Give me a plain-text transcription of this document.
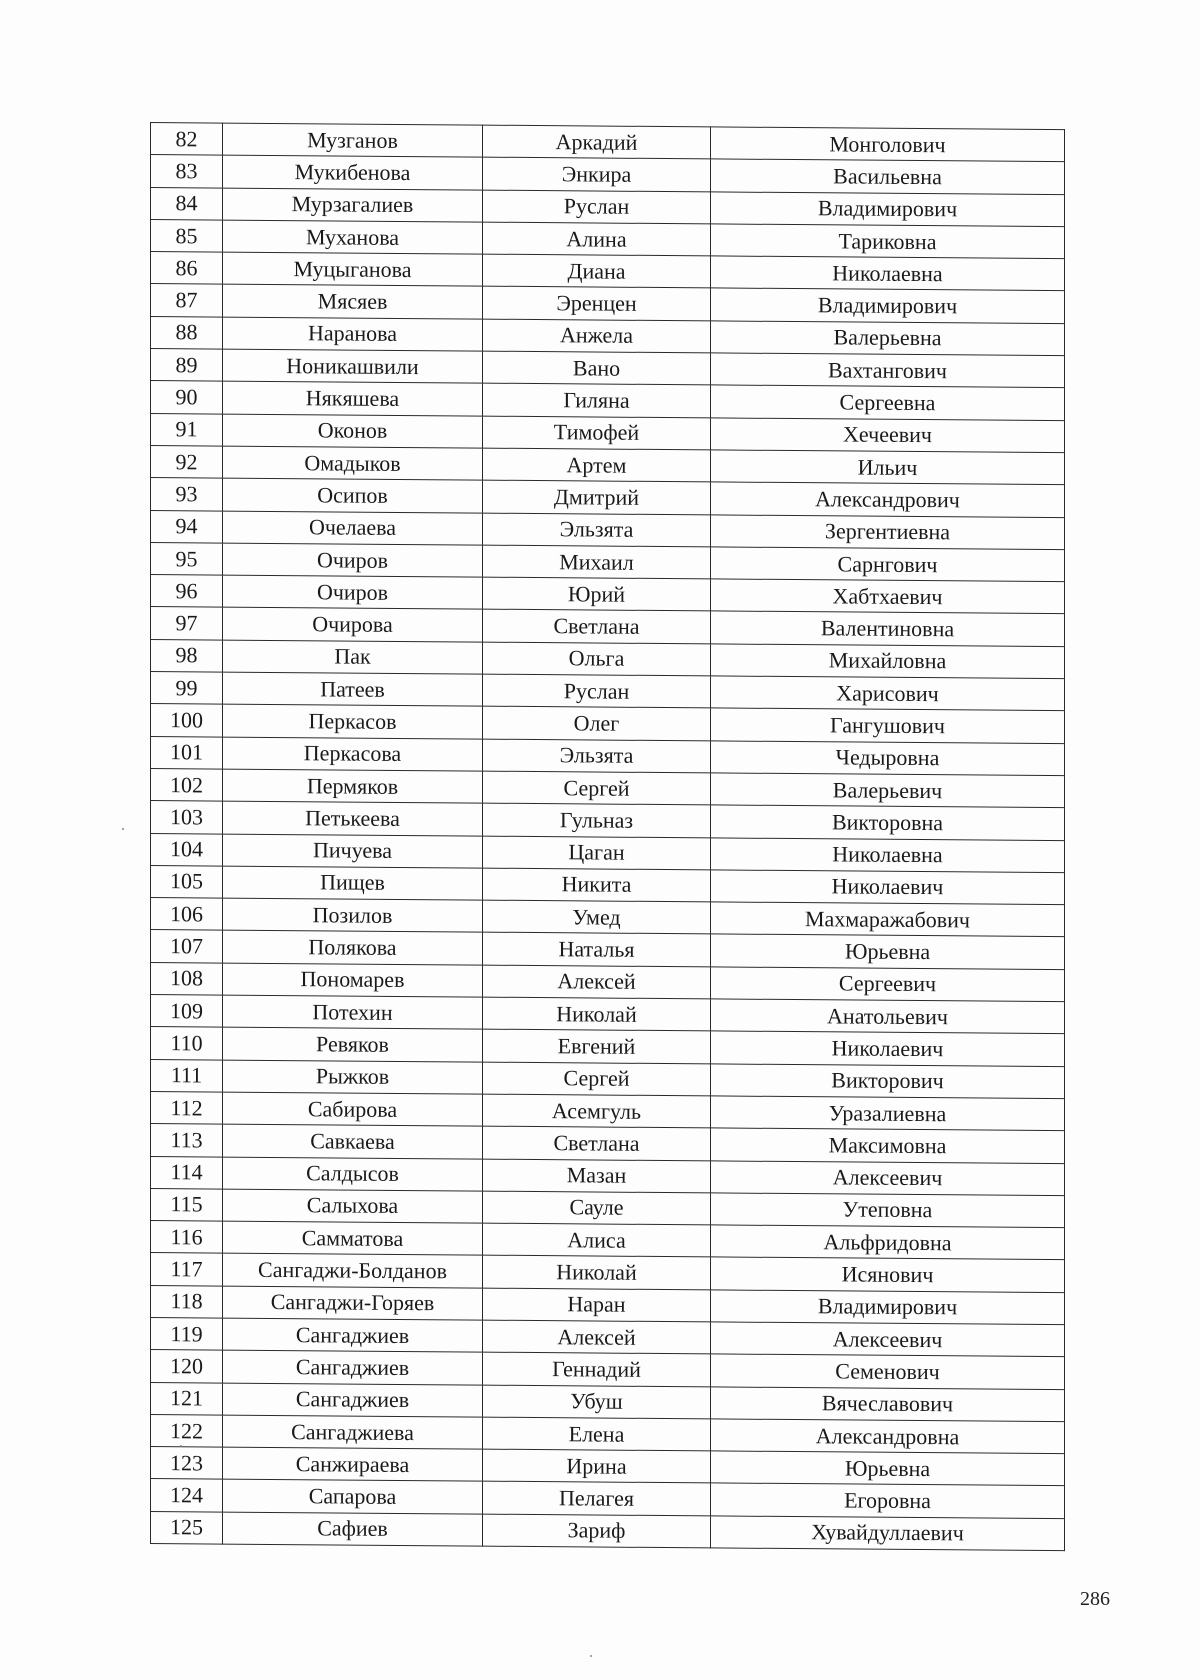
82	Музганов	Аркадий	Монголович
83	Мукибенова	Энкира	Васильевна
84	Мурзагалиев	Руслан	Владимирович
85	Муханова	Алина	Тариковна
86	Муцыганова	Диана	Николаевна
87	Мясяев	Эренцен	Владимирович
88	Наранова	Анжела	Валерьевна
89	Ноникашвили	Вано	Вахтангович
90	Някяшева	Гиляна	Сергеевна
91	Оконов	Тимофей	Хечеевич
92	Омадыков	Артем	Ильич
93	Осипов	Дмитрий	Александрович
94	Очелаева	Эльзята	Зергентиевна
95	Очиров	Михаил	Сарнгович
96	Очиров	Юрий	Хабтхаевич
97	Очирова	Светлана	Валентиновна
98	Пак	Ольга	Михайловна
99	Патеев	Руслан	Харисович
100	Перкасов	Олег	Гангушович
101	Перкасова	Эльзята	Чедыровна
102	Пермяков	Сергей	Валерьевич
103	Петькеева	Гульназ	Викторовна
104	Пичуева	Цаган	Николаевна
105	Пищев	Никита	Николаевич
106	Позилов	Умед	Махмаражабович
107	Полякова	Наталья	Юрьевна
108	Пономарев	Алексей	Сергеевич
109	Потехин	Николай	Анатольевич
110	Ревяков	Евгений	Николаевич
111	Рыжков	Сергей	Викторович
112	Сабирова	Асемгуль	Уразалиевна
113	Савкаева	Светлана	Максимовна
114	Салдысов	Мазан	Алексеевич
115	Салыхова	Сауле	Утеповна
116	Самматова	Алиса	Альфридовна
117	Сангаджи-Болданов	Николай	Исянович
118	Сангаджи-Горяев	Наран	Владимирович
119	Сангаджиев	Алексей	Алексеевич
120	Сангаджиев	Геннадий	Семенович
121	Сангаджиев	Убуш	Вячеславович
122	Сангаджиева	Елена	Александровна
123	Санжираева	Ирина	Юрьевна
124	Сапарова	Пелагея	Егоровна
125	Сафиев	Зариф	Хувайдуллаевич
286
